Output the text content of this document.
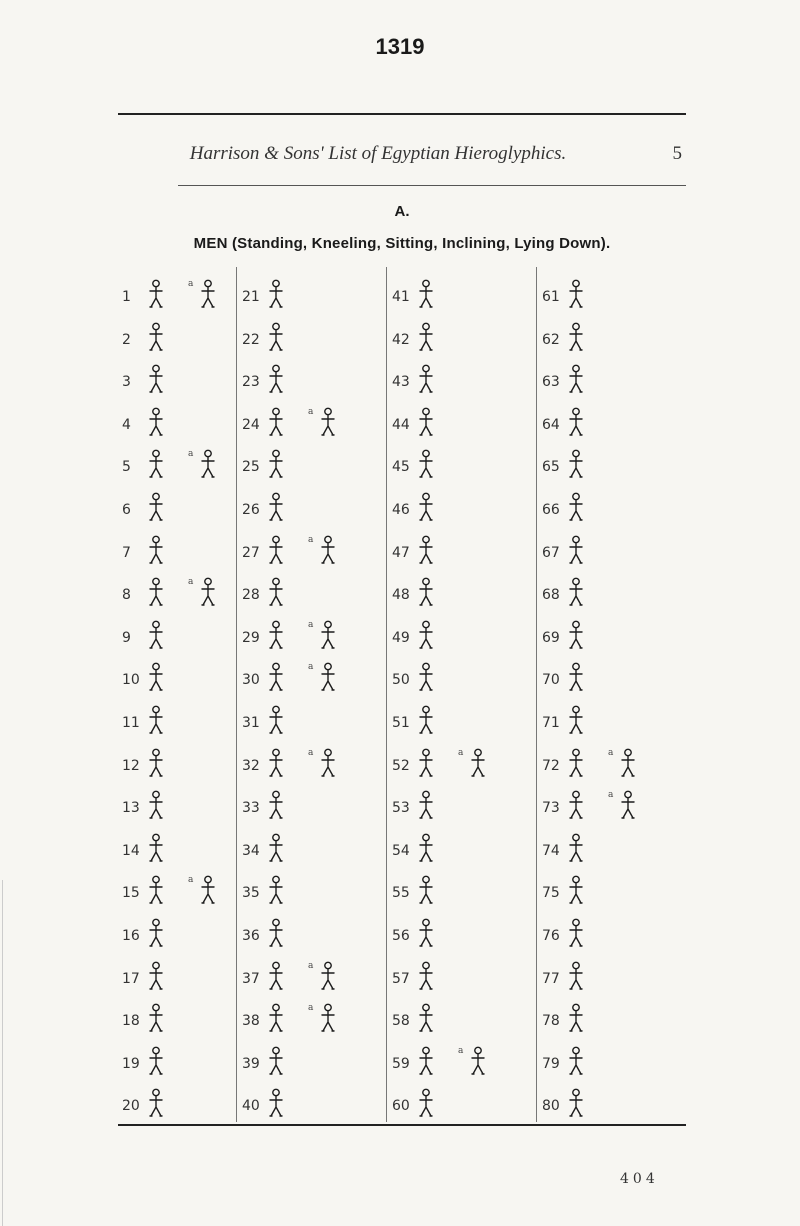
1319
Harrison & Sons' List of Egyptian Hieroglyphics.	5
A.
MEN (Standing, Kneeling, Sitting, Inclining, Lying Down).
1
a
2
3
4
5
a
6
7
8
a
9
10
11
12
13
14
15
a
16
17
18
19
20
21
22
23
24
a
25
26
27
a
28
29
a
30
a
31
32
a
33
34
35
36
37
a
38
a
39
40
41
42
43
44
45
46
47
48
49
50
51
52
a
53
54
55
56
57
58
59
a
60
61
62
63
64
65
66
67
68
69
70
71
72
a
73
a
74
75
76
77
78
79
80
404
